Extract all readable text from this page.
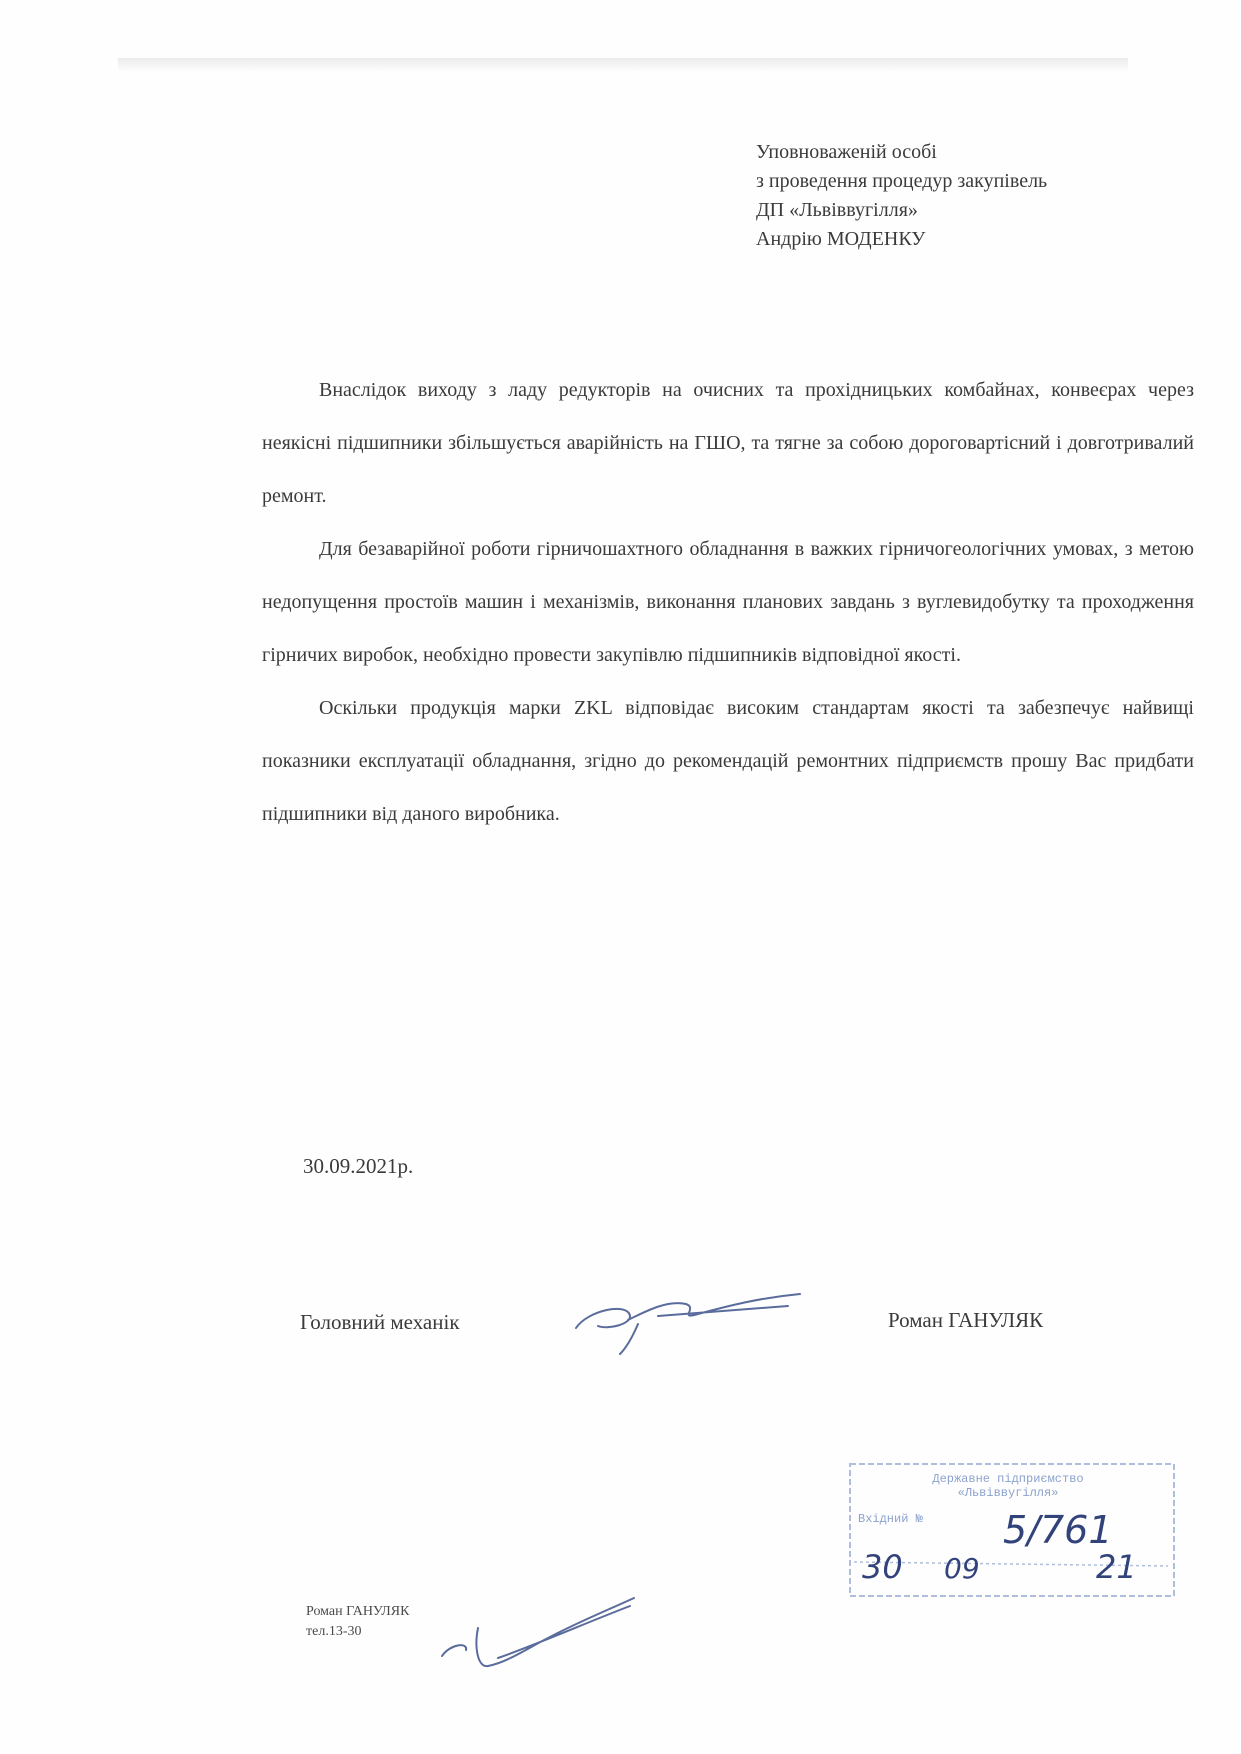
Уповноваженій особі
з проведення процедур закупівель
ДП «Львіввугілля»
Андрію МОДЕНКУ

Внаслідок виходу з ладу редукторів на очисних та прохідницьких комбайнах, конвеєрах через неякісні підшипники збільшується аварійність на ГШО, та тягне за собою дороговартісний і довготривалий ремонт.

Для безаварійної роботи гірничошахтного обладнання в важких гірничогеологічних умовах, з метою недопущення простоїв машин і механізмів, виконання планових завдань з вуглевидобутку та проходження гірничих виробок, необхідно провести закупівлю підшипників відповідної якості.

Оскільки продукція марки ZKL відповідає високим стандартам якості та забезпечує найвищі показники експлуатації обладнання, згідно до рекомендацій ремонтних підприємств прошу Вас придбати підшипники від даного виробника.

30.09.2021р.
Головний механік	Роман ГАНУЛЯК
Державне підприємство
«Львіввугілля»
Вхідний №	5/761
30 09	21
Роман ГАНУЛЯК
тел.13-30
